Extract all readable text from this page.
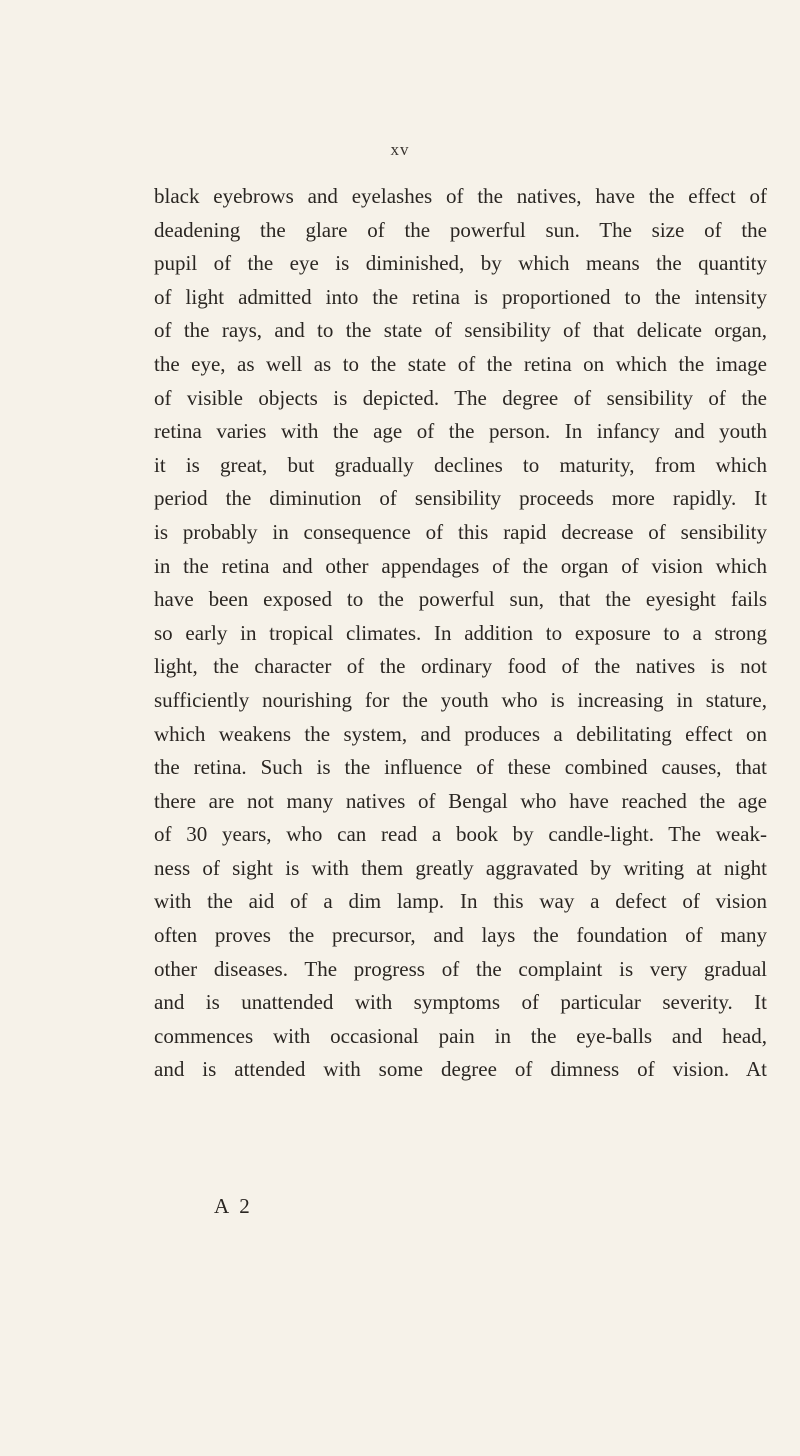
xv
black eyebrows and eyelashes of the natives, have the effect of
deadening the glare of the powerful sun. The size of the
pupil of the eye is diminished, by which means the quantity
of light admitted into the retina is proportioned to the intensity
of the rays, and to the state of sensibility of that delicate organ,
the eye, as well as to the state of the retina on which the image
of visible objects is depicted. The degree of sensibility of the
retina varies with the age of the person. In infancy and youth
it is great, but gradually declines to maturity, from which
period the diminution of sensibility proceeds more rapidly. It
is probably in consequence of this rapid decrease of sensibility
in the retina and other appendages of the organ of vision which
have been exposed to the powerful sun, that the eyesight fails
so early in tropical climates. In addition to exposure to a strong
light, the character of the ordinary food of the natives is not
sufficiently nourishing for the youth who is increasing in stature,
which weakens the system, and produces a debilitating effect on
the retina. Such is the influence of these combined causes, that
there are not many natives of Bengal who have reached the age
of 30 years, who can read a book by candle-light. The weak-
ness of sight is with them greatly aggravated by writing at night
with the aid of a dim lamp. In this way a defect of vision
often proves the precursor, and lays the foundation of many
other diseases. The progress of the complaint is very gradual
and is unattended with symptoms of particular severity. It
commences with occasional pain in the eye-balls and head,
and is attended with some degree of dimness of vision. At
A 2
